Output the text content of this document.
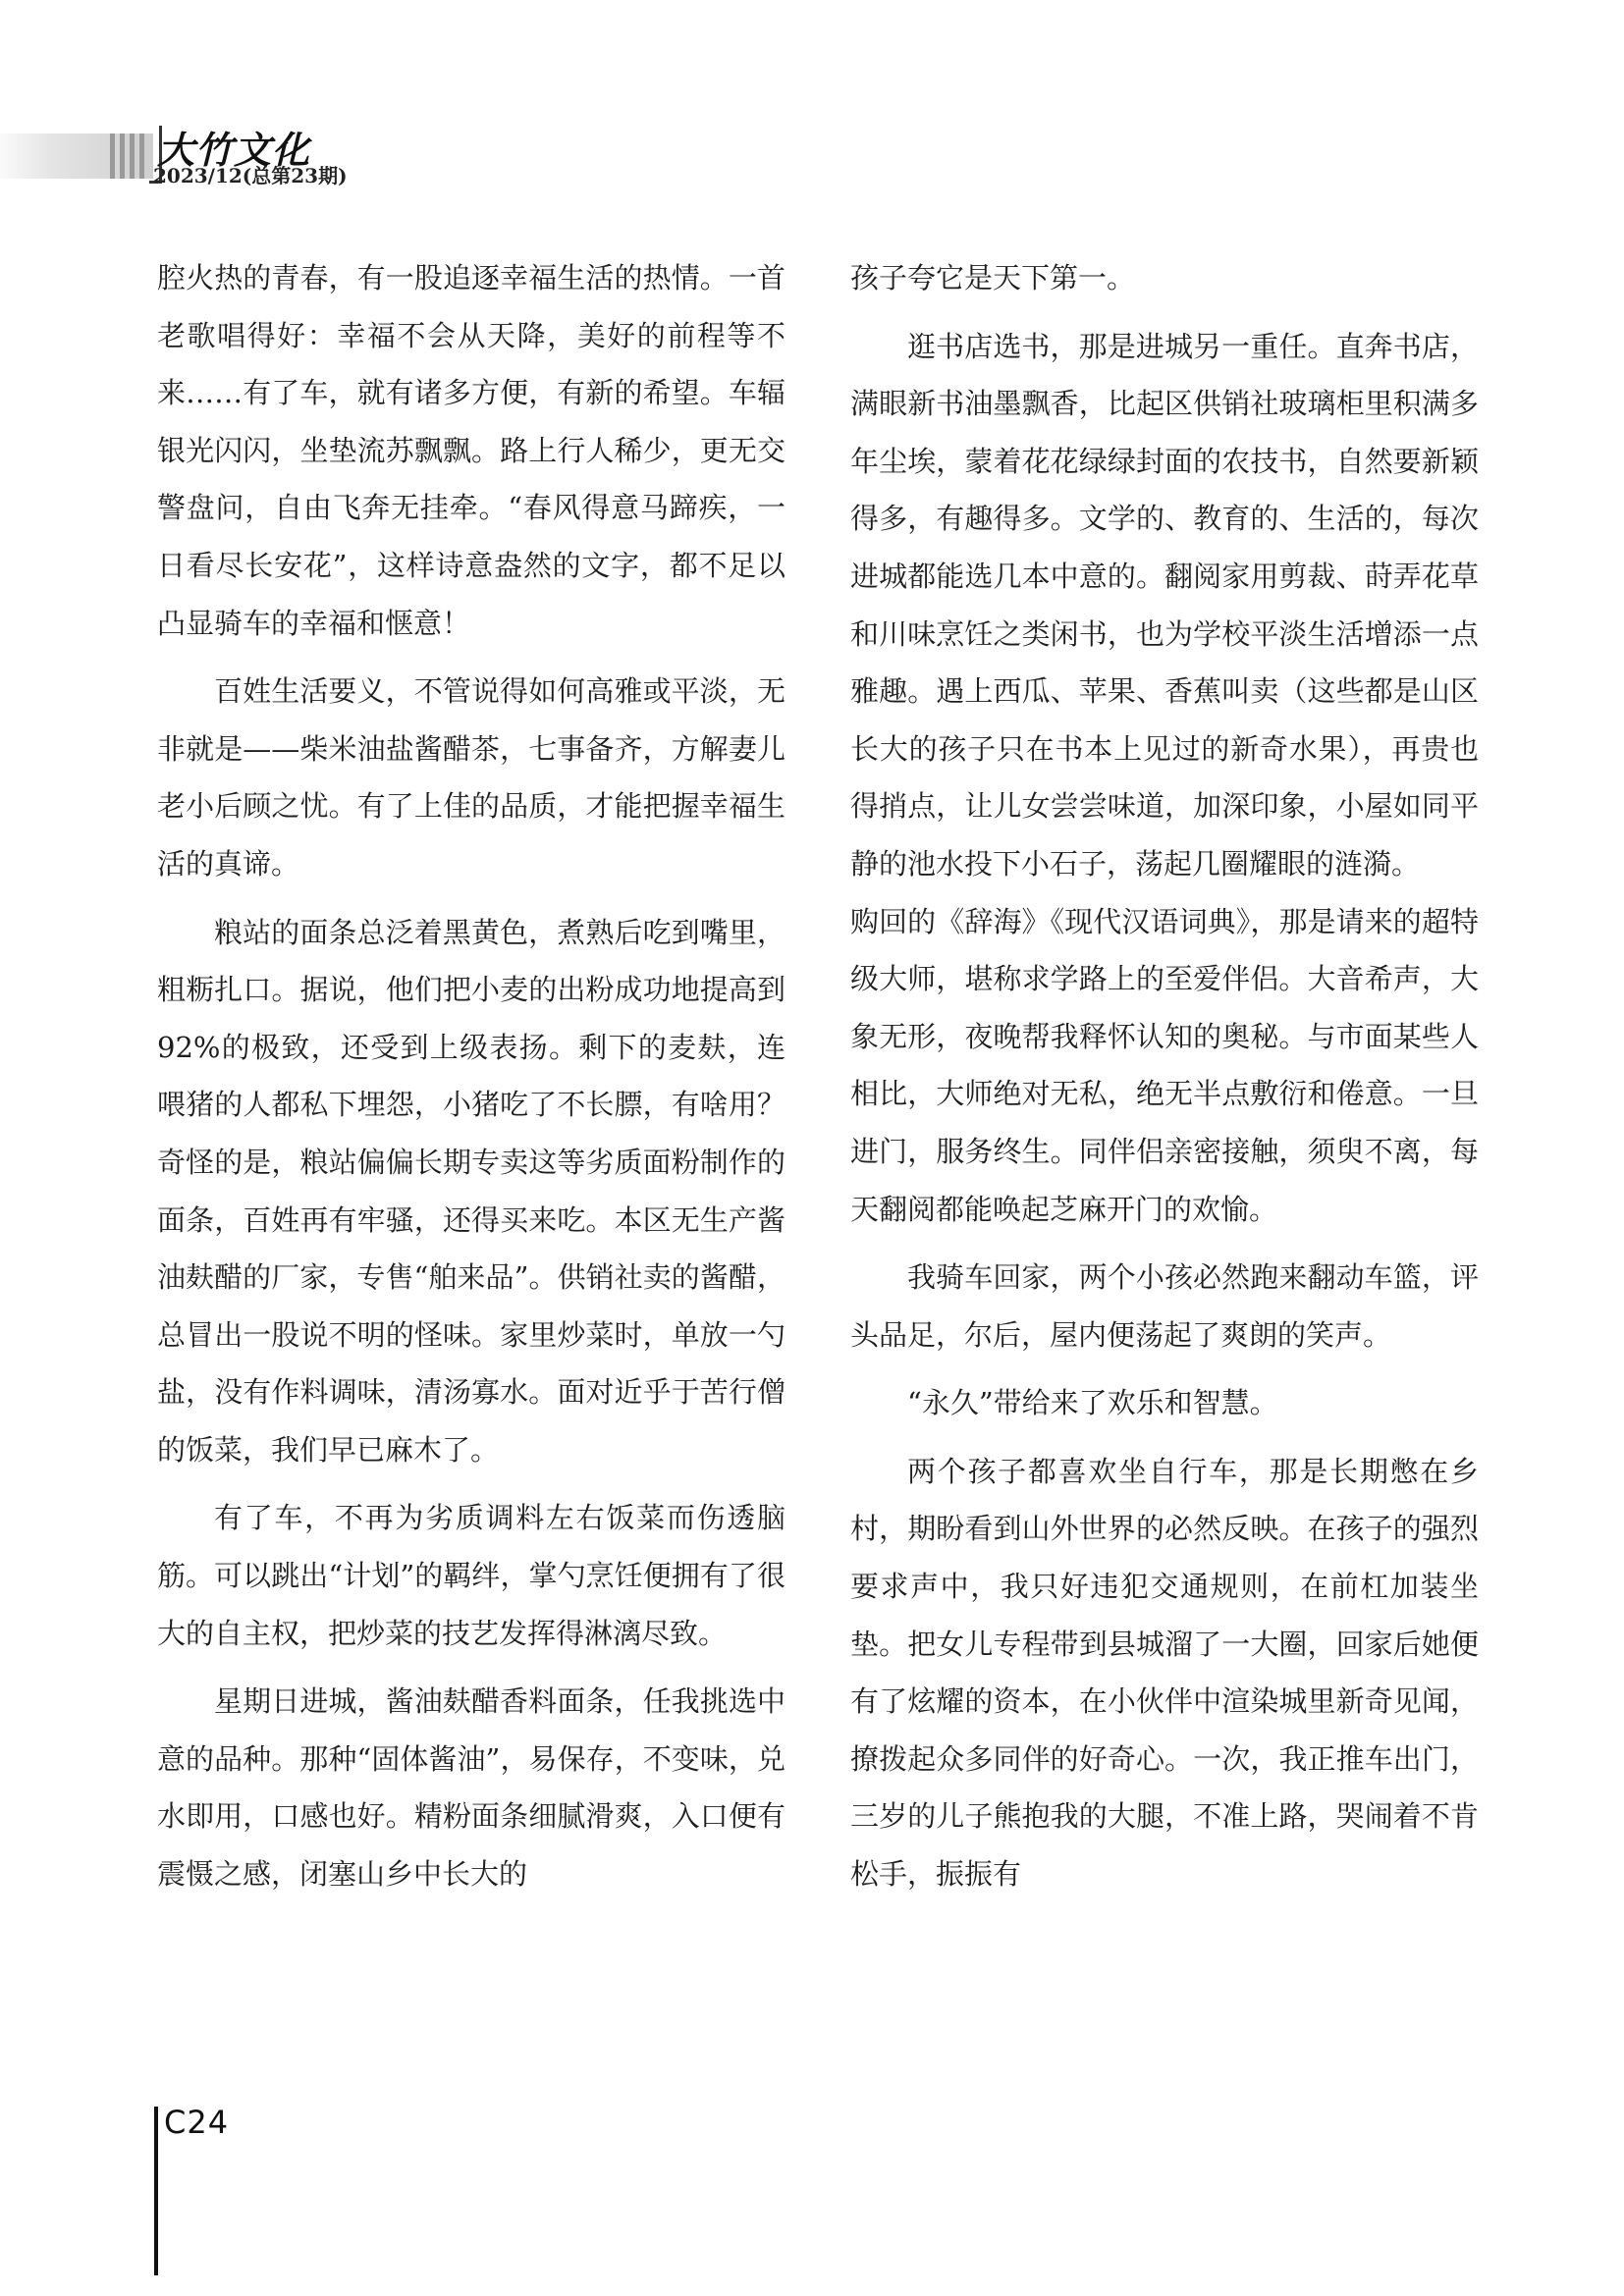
大竹文化
2023/12(总第23期)

腔火热的青春，有一股追逐幸福生活的热情。一首老歌唱得好：幸福不会从天降，美好的前程等不来……有了车，就有诸多方便，有新的希望。车辐银光闪闪，坐垫流苏飘飘。路上行人稀少，更无交警盘问，自由飞奔无挂牵。“春风得意马蹄疾，一日看尽长安花”，这样诗意盎然的文字，都不足以凸显骑车的幸福和惬意！

百姓生活要义，不管说得如何高雅或平淡，无非就是——柴米油盐酱醋茶，七事备齐，方解妻儿老小后顾之忧。有了上佳的品质，才能把握幸福生活的真谛。

粮站的面条总泛着黑黄色，煮熟后吃到嘴里，粗粝扎口。据说，他们把小麦的出粉成功地提高到 92%的极致，还受到上级表扬。剩下的麦麸，连喂猪的人都私下埋怨，小猪吃了不长膘，有啥用？奇怪的是，粮站偏偏长期专卖这等劣质面粉制作的面条，百姓再有牢骚，还得买来吃。本区无生产酱油麸醋的厂家，专售“舶来品”。供销社卖的酱醋，总冒出一股说不明的怪味。家里炒菜时，单放一勺盐，没有作料调味，清汤寡水。面对近乎于苦行僧的饭菜，我们早已麻木了。

有了车，不再为劣质调料左右饭菜而伤透脑筋。可以跳出“计划”的羁绊，掌勺烹饪便拥有了很大的自主权，把炒菜的技艺发挥得淋漓尽致。

星期日进城，酱油麸醋香料面条，任我挑选中意的品种。那种“固体酱油”，易保存，不变味，兑水即用，口感也好。精粉面条细腻滑爽，入口便有震慑之感，闭塞山乡中长大的

孩子夸它是天下第一。

逛书店选书，那是进城另一重任。直奔书店，满眼新书油墨飘香，比起区供销社玻璃柜里积满多年尘埃，蒙着花花绿绿封面的农技书，自然要新颖得多，有趣得多。文学的、教育的、生活的，每次进城都能选几本中意的。翻阅家用剪裁、莳弄花草和川味烹饪之类闲书，也为学校平淡生活增添一点雅趣。遇上西瓜、苹果、香蕉叫卖（这些都是山区长大的孩子只在书本上见过的新奇水果），再贵也得捎点，让儿女尝尝味道，加深印象，小屋如同平静的池水投下小石子，荡起几圈耀眼的涟漪。

购回的《辞海》《现代汉语词典》，那是请来的超特级大师，堪称求学路上的至爱伴侣。大音希声，大象无形，夜晚帮我释怀认知的奥秘。与市面某些人相比，大师绝对无私，绝无半点敷衍和倦意。一旦进门，服务终生。同伴侣亲密接触，须臾不离，每天翻阅都能唤起芝麻开门的欢愉。

我骑车回家，两个小孩必然跑来翻动车篮，评头品足，尔后，屋内便荡起了爽朗的笑声。

“永久”带给来了欢乐和智慧。

两个孩子都喜欢坐自行车，那是长期憋在乡村，期盼看到山外世界的必然反映。在孩子的强烈要求声中，我只好违犯交通规则，在前杠加装坐垫。把女儿专程带到县城溜了一大圈，回家后她便有了炫耀的资本，在小伙伴中渲染城里新奇见闻，撩拨起众多同伴的好奇心。一次，我正推车出门，三岁的儿子熊抱我的大腿，不准上路，哭闹着不肯松手，振振有

C24
